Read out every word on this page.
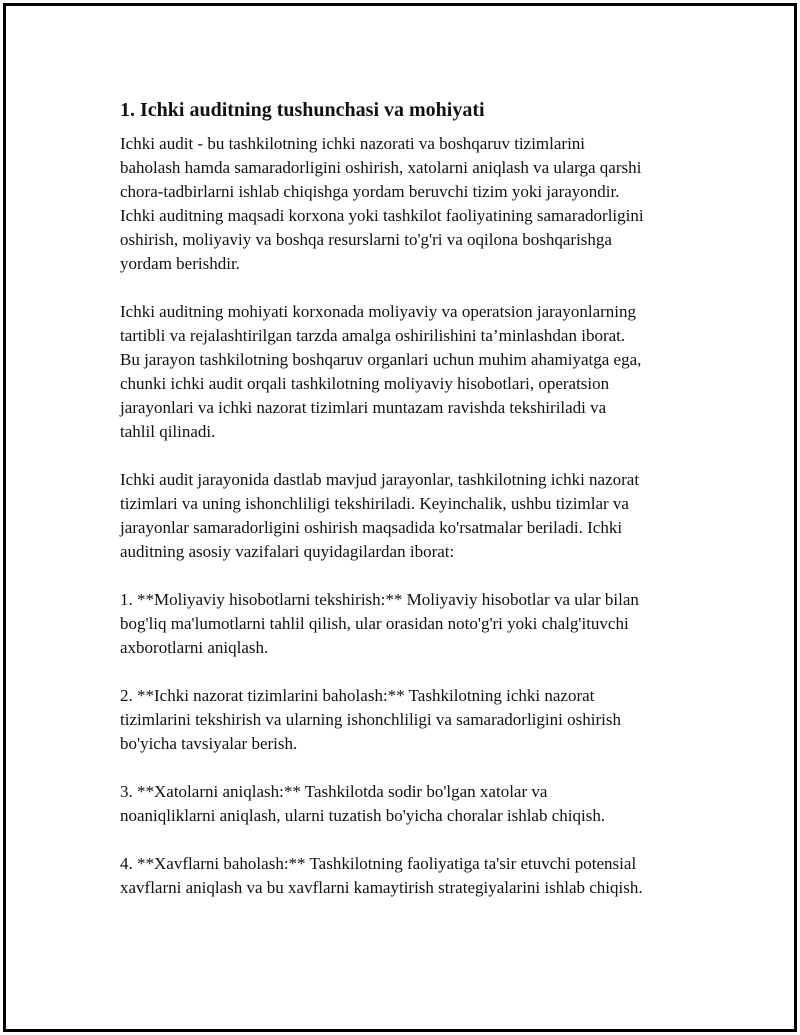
1. Ichki auditning tushunchasi va mohiyati

Ichki audit - bu tashkilotning ichki nazorati va boshqaruv tizimlarini
baholash hamda samaradorligini oshirish, xatolarni aniqlash va ularga qarshi
chora-tadbirlarni ishlab chiqishga yordam beruvchi tizim yoki jarayondir.
Ichki auditning maqsadi korxona yoki tashkilot faoliyatining samaradorligini
oshirish, moliyaviy va boshqa resurslarni to'g'ri va oqilona boshqarishga
yordam berishdir.

Ichki auditning mohiyati korxonada moliyaviy va operatsion jarayonlarning
tartibli va rejalashtirilgan tarzda amalga oshirilishini ta’minlashdan iborat.
Bu jarayon tashkilotning boshqaruv organlari uchun muhim ahamiyatga ega,
chunki ichki audit orqali tashkilotning moliyaviy hisobotlari, operatsion
jarayonlari va ichki nazorat tizimlari muntazam ravishda tekshiriladi va
tahlil qilinadi.

Ichki audit jarayonida dastlab mavjud jarayonlar, tashkilotning ichki nazorat
tizimlari va uning ishonchliligi tekshiriladi. Keyinchalik, ushbu tizimlar va
jarayonlar samaradorligini oshirish maqsadida ko'rsatmalar beriladi. Ichki
auditning asosiy vazifalari quyidagilardan iborat:

1. **Moliyaviy hisobotlarni tekshirish:** Moliyaviy hisobotlar va ular bilan
bog'liq ma'lumotlarni tahlil qilish, ular orasidan noto'g'ri yoki chalg'ituvchi
axborotlarni aniqlash.

2. **Ichki nazorat tizimlarini baholash:** Tashkilotning ichki nazorat
tizimlarini tekshirish va ularning ishonchliligi va samaradorligini oshirish
bo'yicha tavsiyalar berish.

3. **Xatolarni aniqlash:** Tashkilotda sodir bo'lgan xatolar va
noaniqliklarni aniqlash, ularni tuzatish bo'yicha choralar ishlab chiqish.

4. **Xavflarni baholash:** Tashkilotning faoliyatiga ta'sir etuvchi potensial
xavflarni aniqlash va bu xavflarni kamaytirish strategiyalarini ishlab chiqish.
